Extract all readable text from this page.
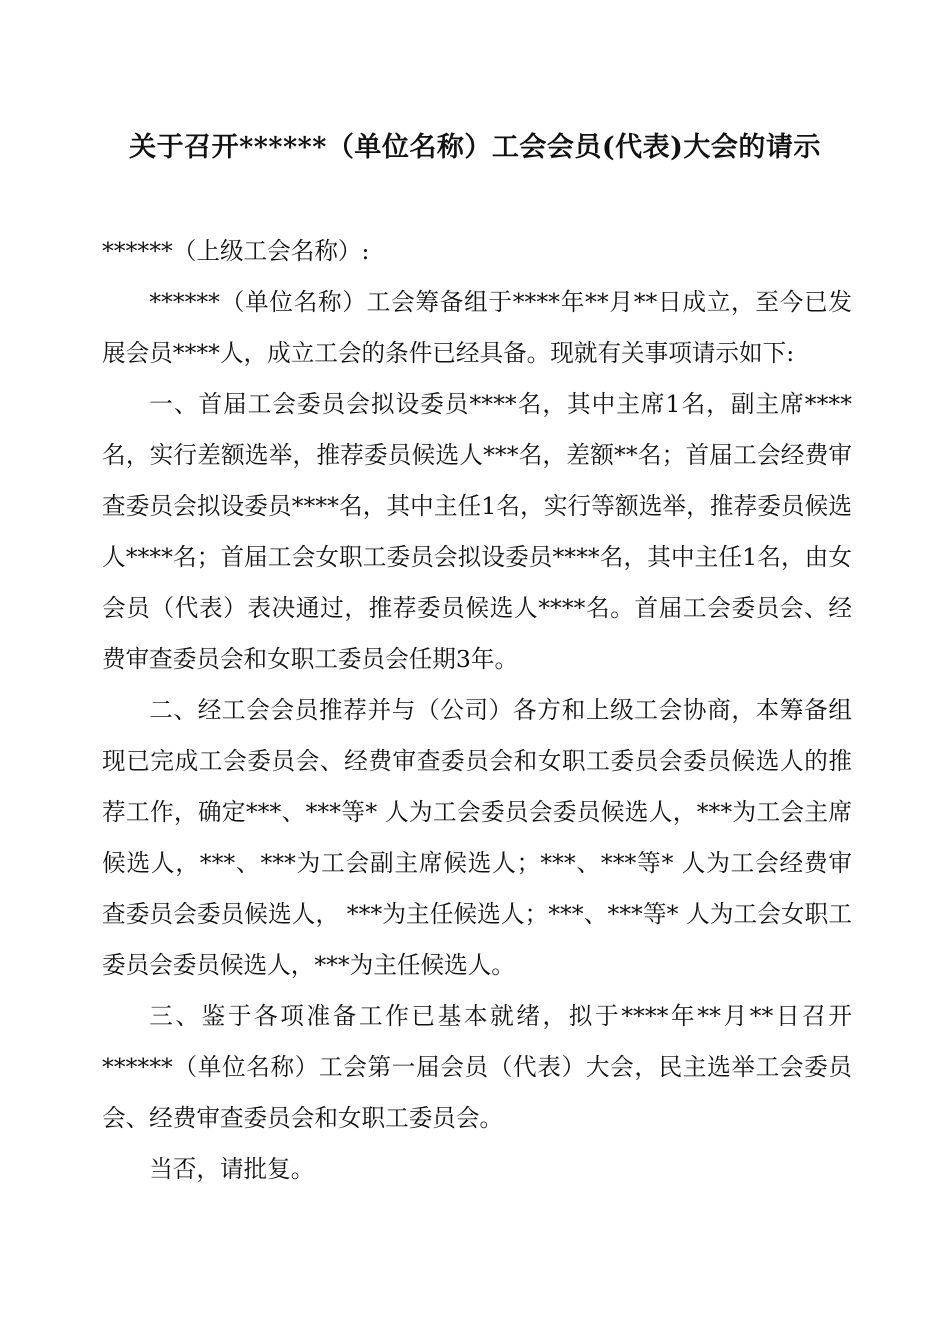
关于召开******（单位名称）工会会员(代表)大会的请示

******（上级工会名称）:

******（单位名称）工会筹备组于****年**月**日成立，至今已发展会员****人，成立工会的条件已经具备。现就有关事项请示如下:

一、首届工会委员会拟设委员****名，其中主席1名，副主席****名，实行差额选举，推荐委员候选人***名，差额**名；首届工会经费审查委员会拟设委员****名，其中主任1名，实行等额选举，推荐委员候选人****名；首届工会女职工委员会拟设委员****名，其中主任1名，由女会员（代表）表决通过，推荐委员候选人****名。首届工会委员会、经费审查委员会和女职工委员会任期3年。

二、经工会会员推荐并与（公司）各方和上级工会协商，本筹备组现已完成工会委员会、经费审查委员会和女职工委员会委员候选人的推荐工作，确定***、***等* 人为工会委员会委员候选人，***为工会主席候选人，***、***为工会副主席候选人；***、***等* 人为工会经费审查委员会委员候选人， ***为主任候选人；***、***等* 人为工会女职工委员会委员候选人，***为主任候选人。

三、鉴于各项准备工作已基本就绪，拟于****年**月**日召开******（单位名称）工会第一届会员（代表）大会，民主选举工会委员会、经费审查委员会和女职工委员会。

当否，请批复。
